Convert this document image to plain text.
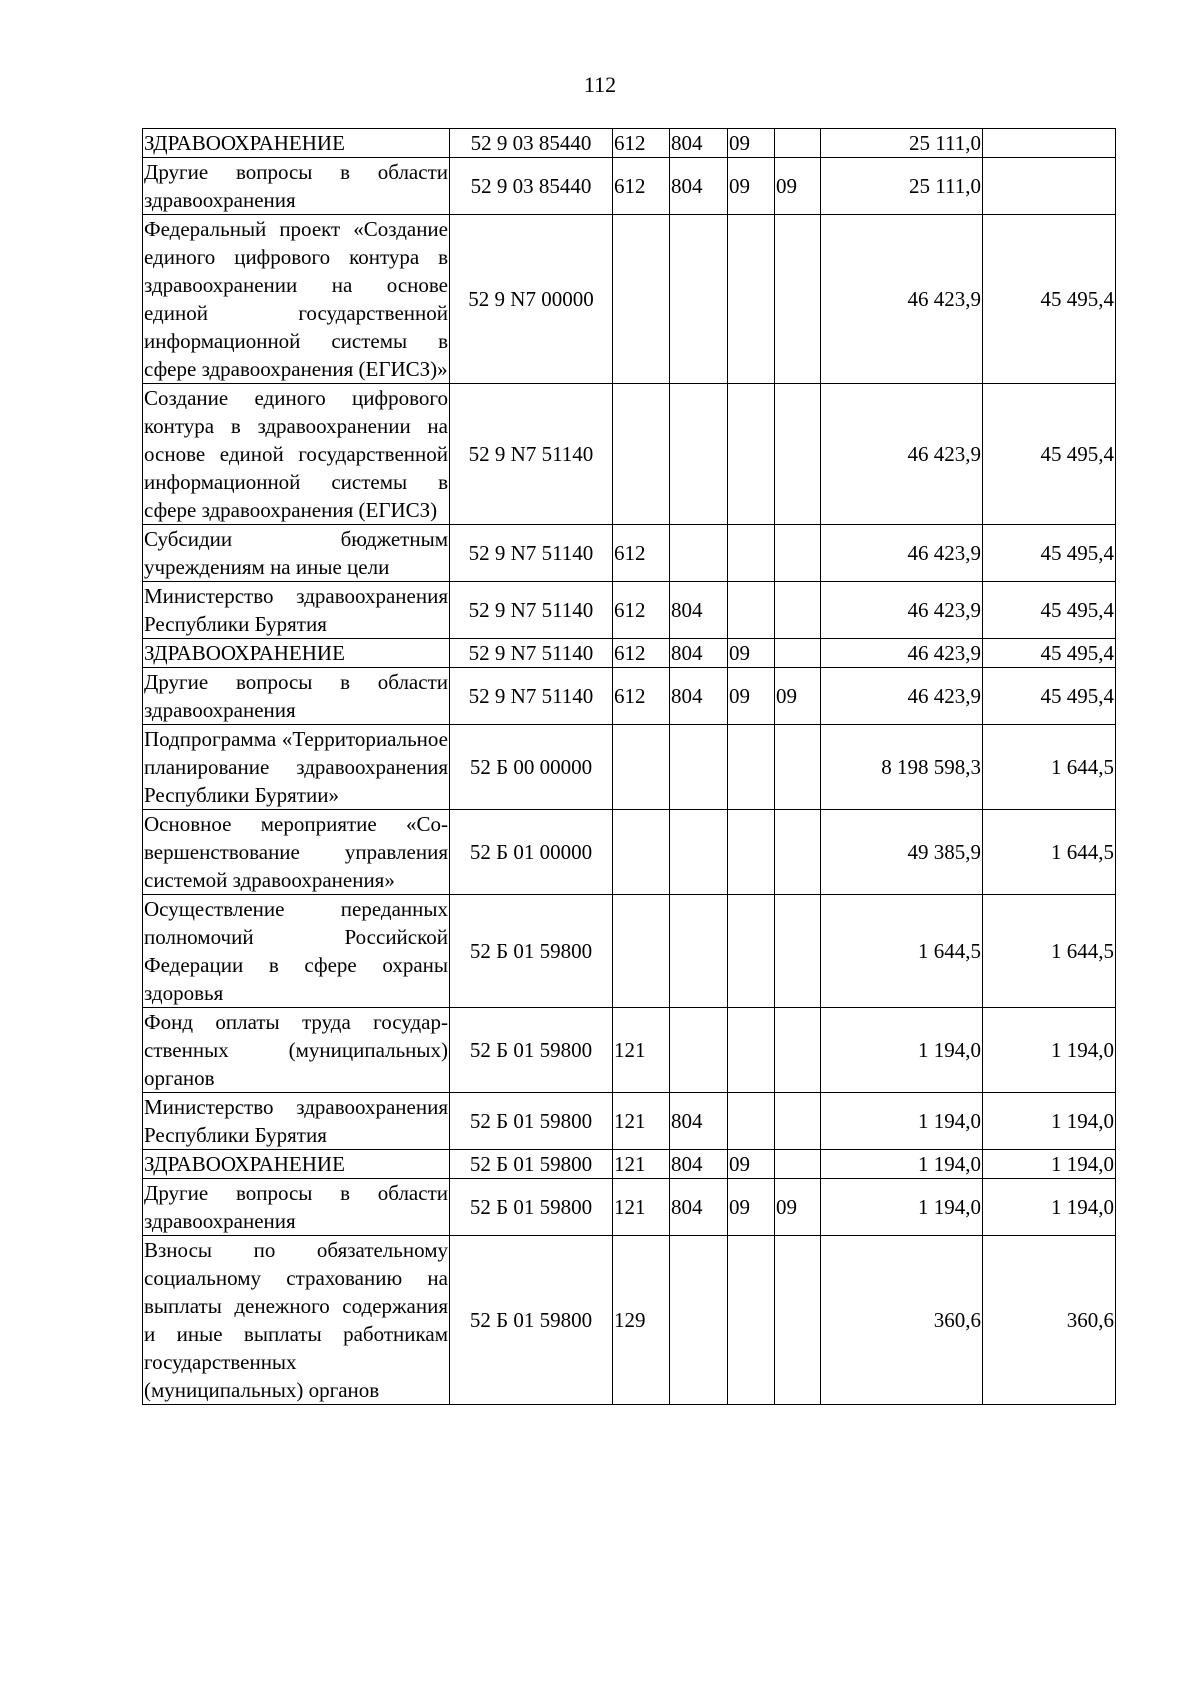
112
ЗДРАВООХРАНЕНИЕ	52 9 03 85440	612	804	09		25 111,0	
Другие вопросы в области здравоохранения	52 9 03 85440	612	804	09	09	25 111,0	
Федеральный проект «Создание единого цифрового контура в здравоохранении на основе единой государственной информационной системы в сфере здравоохранения (ЕГИСЗ)»	52 9 N7 00000					46 423,9	45 495,4
Создание единого цифрового контура в здравоохранении на основе единой государственной информационной системы в сфере здравоохранения (ЕГИСЗ)	52 9 N7 51140					46 423,9	45 495,4
Субсидии бюджетным учреждениям на иные цели	52 9 N7 51140	612				46 423,9	45 495,4
Министерство здравоохранения Республики Бурятия	52 9 N7 51140	612	804			46 423,9	45 495,4
ЗДРАВООХРАНЕНИЕ	52 9 N7 51140	612	804	09		46 423,9	45 495,4
Другие вопросы в области здравоохранения	52 9 N7 51140	612	804	09	09	46 423,9	45 495,4
Подпрограмма «Территориальное планирование здравоохранения Республики Бурятии»	52 Б 00 00000					8 198 598,3	1 644,5
Основное мероприятие «Совершенствование управления системой здравоохранения»	52 Б 01 00000					49 385,9	1 644,5
Осуществление переданных полномочий Российской Федерации в сфере охраны здоровья	52 Б 01 59800					1 644,5	1 644,5
Фонд оплаты труда государственных (муниципальных) органов	52 Б 01 59800	121				1 194,0	1 194,0
Министерство здравоохранения Республики Бурятия	52 Б 01 59800	121	804			1 194,0	1 194,0
ЗДРАВООХРАНЕНИЕ	52 Б 01 59800	121	804	09		1 194,0	1 194,0
Другие вопросы в области здравоохранения	52 Б 01 59800	121	804	09	09	1 194,0	1 194,0
Взносы по обязательному социальному страхованию на выплаты денежного содержания и иные выплаты работникам государственных (муниципальных) органов	52 Б 01 59800	129				360,6	360,6
